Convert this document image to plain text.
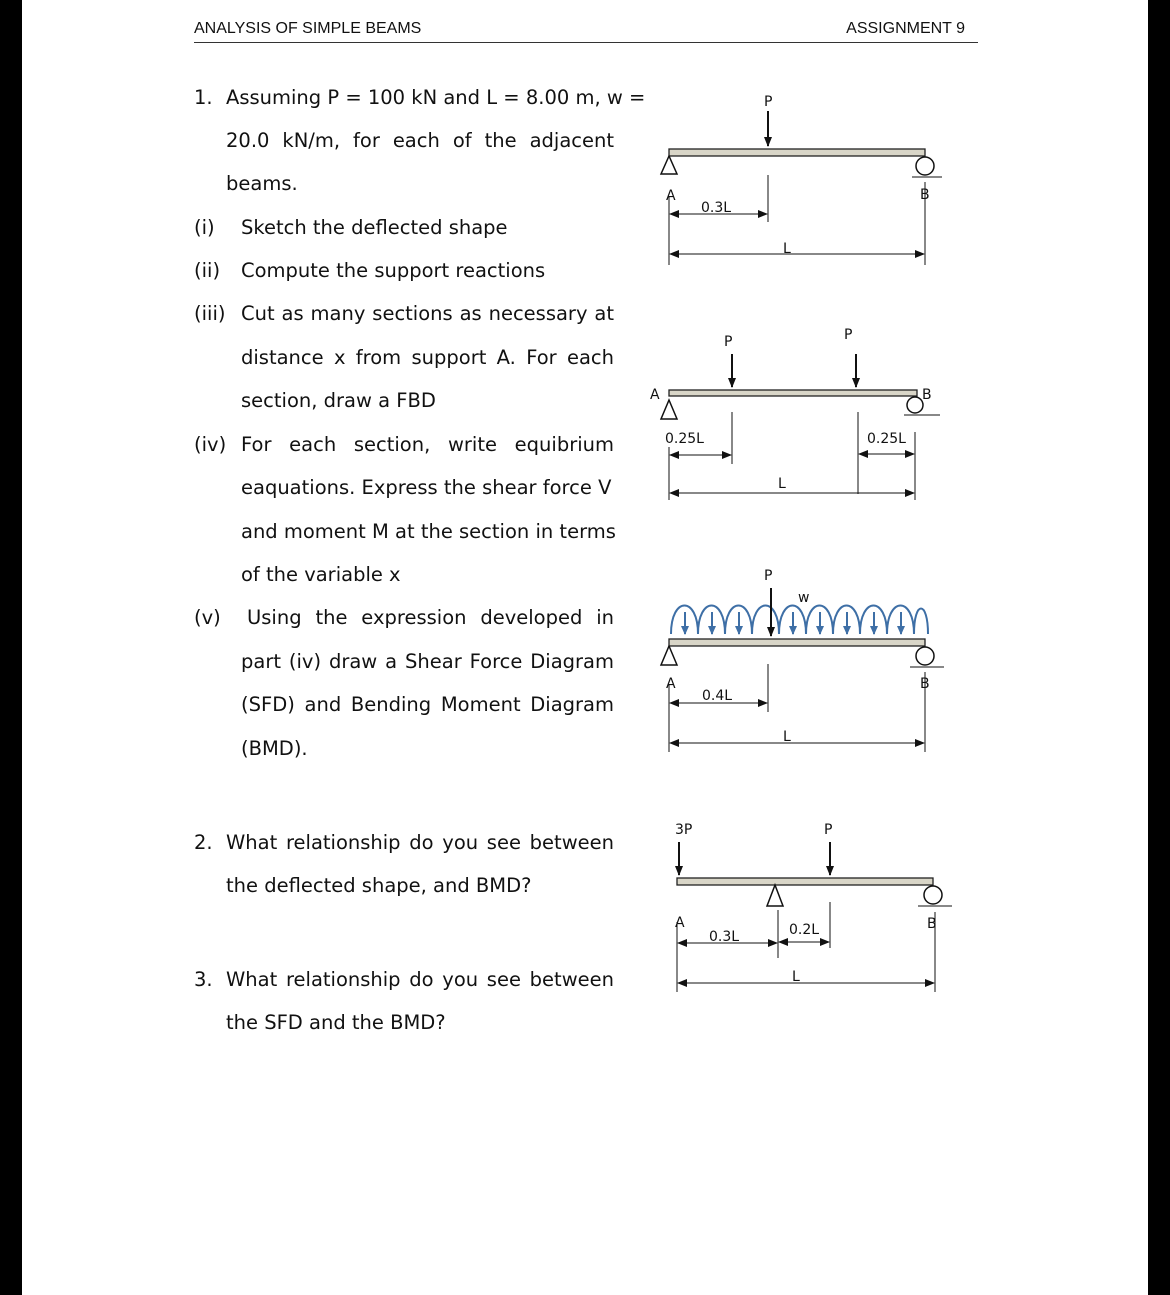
ANALYSIS OF SIMPLE BEAMS	ASSIGNMENT 9
1. Assuming P = 100 kN and L = 8.00 m, w =
20.0 kN/m, for each of the adjacent
beams.
(i) Sketch the deflected shape
(ii) Compute the support reactions
(iii) Cut as many sections as necessary at
distance x from support A. For each
section, draw a FBD
(iv) For each section, write equibrium
eaquations. Express the shear force V
and moment M at the section in terms
of the variable x
(v) Using the expression developed in
part (iv) draw a Shear Force Diagram
(SFD) and Bending Moment Diagram
(BMD).
2. What relationship do you see between
the deflected shape, and BMD?
3. What relationship do you see between
the SFD and the BMD?
P
A	B
0.3L
L
P	P
A	B
0.25L	0.25L
L
P
w
A	B
0.4L
L
3P	P
A	B
0.3L	0.2L
L
